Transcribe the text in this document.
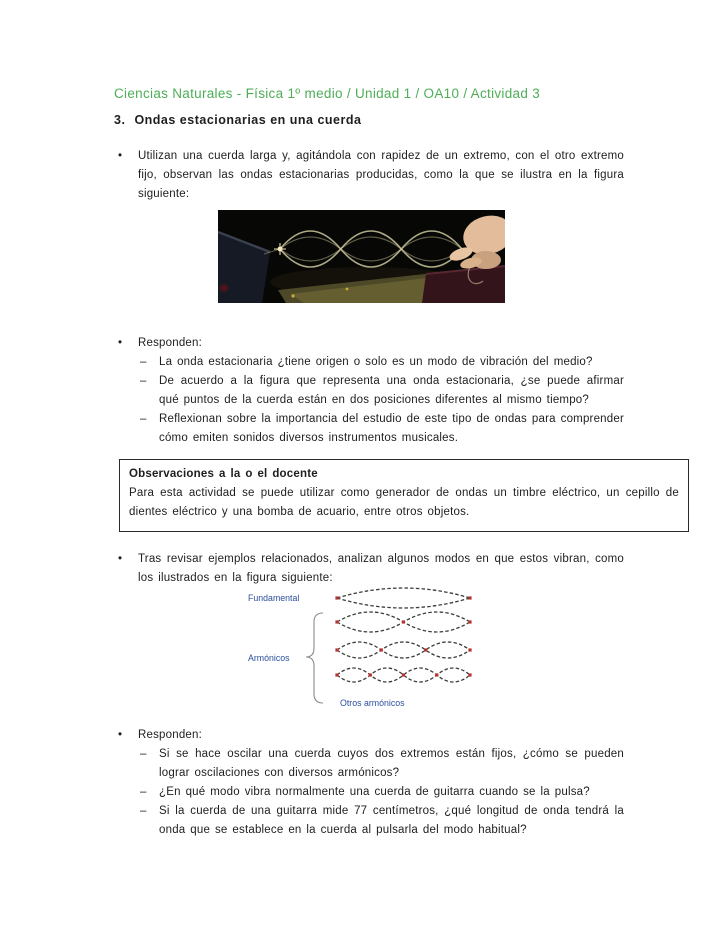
Ciencias Naturales - Física 1º medio / Unidad 1 / OA10 / Actividad 3
3. Ondas estacionarias en una cuerda
•	Utilizan una cuerda larga y, agitándola con rapidez de un extremo, con el otro extremo fijo, observan las ondas estacionarias producidas, como la que se ilustra en la figura siguiente:

•	Responden:

–	La onda estacionaria ¿tiene origen o solo es un modo de vibración del medio?

–	De acuerdo a la figura que representa una onda estacionaria, ¿se puede afirmar qué puntos de la cuerda están en dos posiciones diferentes al mismo tiempo?

–	Reflexionan sobre la importancia del estudio de este tipo de ondas para comprender cómo emiten sonidos diversos instrumentos musicales.

Observaciones a la o el docente

Para esta actividad se puede utilizar como generador de ondas un timbre eléctrico, un cepillo de dientes eléctrico y una bomba de acuario, entre otros objetos.

•	Tras revisar ejemplos relacionados, analizan algunos modos en que estos vibran, como los ilustrados en la figura siguiente:

Fundamental
Armónicos
Otros armónicos
•	Responden:

–	Si se hace oscilar una cuerda cuyos dos extremos están fijos, ¿cómo se pueden lograr oscilaciones con diversos armónicos?

–	¿En qué modo vibra normalmente una cuerda de guitarra cuando se la pulsa?

–	Si la cuerda de una guitarra mide 77 centímetros, ¿qué longitud de onda tendrá la onda que se establece en la cuerda al pulsarla del modo habitual?
